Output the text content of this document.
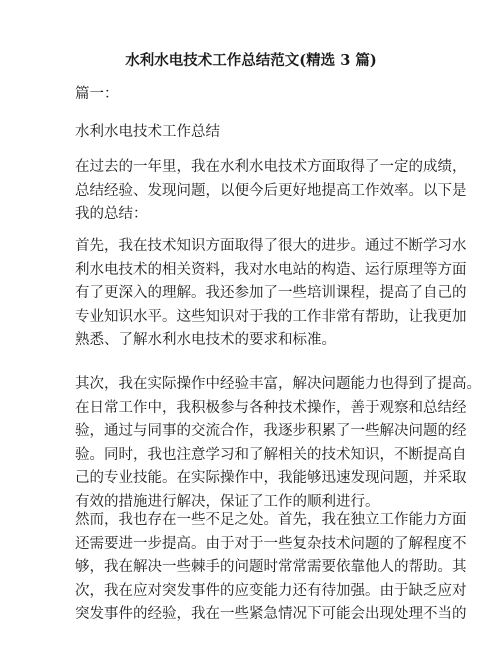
水利水电技术工作总结范文(精选 3 篇)

篇一：

水利水电技术工作总结

在过去的一年里，我在水利水电技术方面取得了一定的成绩，
总结经验、发现问题，以便今后更好地提高工作效率。以下是
我的总结：

首先，我在技术知识方面取得了很大的进步。通过不断学习水
利水电技术的相关资料，我对水电站的构造、运行原理等方面
有了更深入的理解。我还参加了一些培训课程，提高了自己的
专业知识水平。这些知识对于我的工作非常有帮助，让我更加
熟悉、了解水利水电技术的要求和标准。

其次，我在实际操作中经验丰富，解决问题能力也得到了提高。
在日常工作中，我积极参与各种技术操作，善于观察和总结经
验，通过与同事的交流合作，我逐步积累了一些解决问题的经
验。同时，我也注意学习和了解相关的技术知识，不断提高自
己的专业技能。在实际操作中，我能够迅速发现问题，并采取
有效的措施进行解决，保证了工作的顺利进行。

然而，我也存在一些不足之处。首先，我在独立工作能力方面
还需要进一步提高。由于对于一些复杂技术问题的了解程度不
够，我在解决一些棘手的问题时常常需要依靠他人的帮助。其
次，我在应对突发事件的应变能力还有待加强。由于缺乏应对
突发事件的经验，我在一些紧急情况下可能会出现处理不当的
